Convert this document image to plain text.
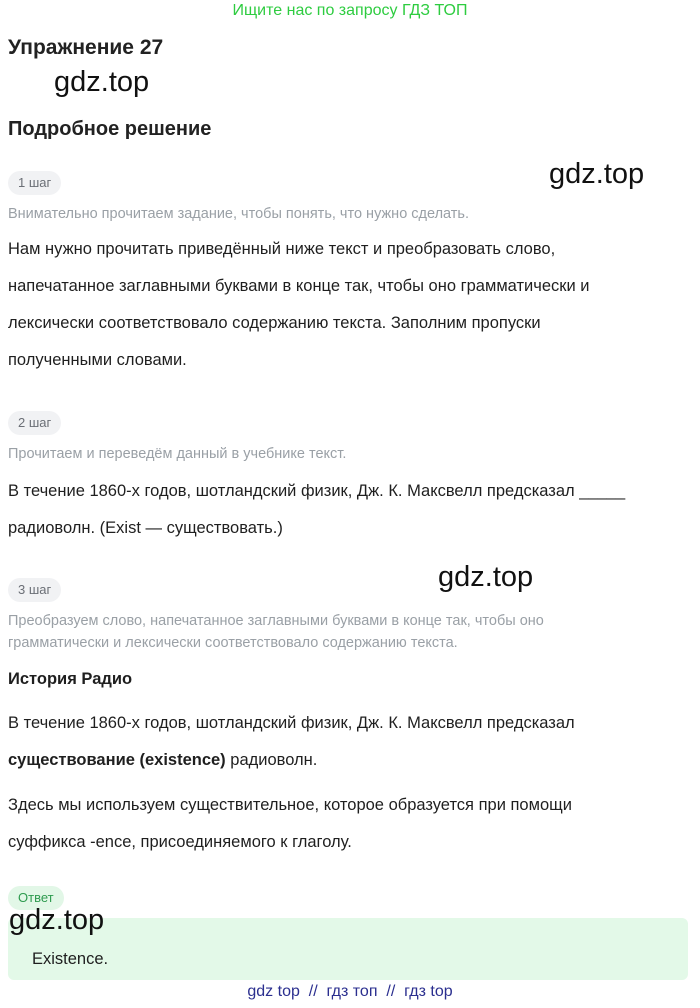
Ищите нас по запросу ГДЗ ТОП
Упражнение 27
gdz.top
Подробное решение
gdz.top
1 шаг
Внимательно прочитаем задание, чтобы понять, что нужно сделать.
Нам нужно прочитать приведённый ниже текст и преобразовать слово,
напечатанное заглавными буквами в конце так, чтобы оно грамматически и
лексически соответствовало содержанию текста. Заполним пропуски
полученными словами.
2 шаг
Прочитаем и переведём данный в учебнике текст.
В течение 1860-х годов, шотландский физик, Дж. К. Максвелл предсказал _____
радиоволн. (Exist — существовать.)
gdz.top
3 шаг
Преобразуем слово, напечатанное заглавными буквами в конце так, чтобы оно
грамматически и лексически соответствовало содержанию текста.
История Радио
В течение 1860-х годов, шотландский физик, Дж. К. Максвелл предсказал
существование (existence) радиоволн.
Здесь мы используем существительное, которое образуется при помощи
суффикса -ence, присоединяемого к глаголу.
Ответ
gdz.top
Existence.
gdz top  //  гдз топ  //  гдз top
